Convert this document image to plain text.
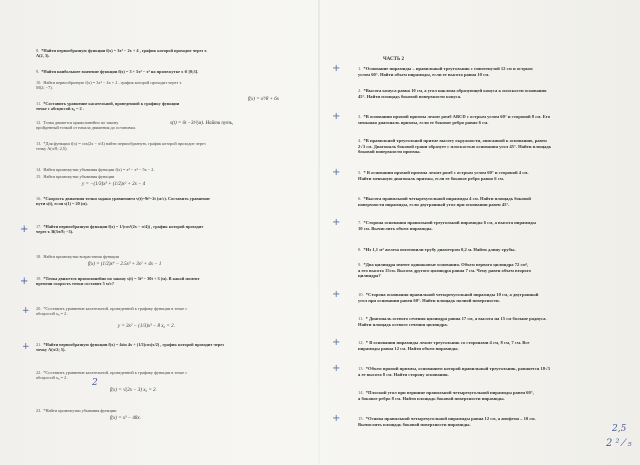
8. *Найти первообразную функции f(x) = 3x² − 2x + 4 , график которой проходит через т.
A(2, 3).
9. *Найти наибольшее значение функции f(x) = 3 + 5x² − x³ на промежутке x ∈ [0;3].
10. Найти первообразную f(x) = 3x² − 4x + 2 , график которой проходит через т.
M(2; −7).
11. *Составить уравнение касательной, проведенной к графику функции
точке с абсциссой x₀ = 2 .
f(x) = x³/8 + 6x
12. Точка движется прямолинейно по закону
пройденный точкой от начала движения до остановки.
s(t) = 6t −3t²(м). Найти путь,
13. *Для функции f(x) = cos(2x − π/4) найти первообразную, график которой проходит через
точку A(π/8; 2,5).
14. Найти промежутки убывания функции f(x) = x³ − x² − 5x − 2.
15. Найти промежутки убывания функции
y = −(1/3)x³ + (1/2)x² + 2x − 4
16. *Скорость движения точки задана уравнением v(t)=9t²−2t (м/с). Составить уравнение
пути s(t), если s(1) = 20 (м).
17. *Найти первообразную функции f(x) = 1/(cos²(2x − π/4)) , график которой проходит
через т. B(3π/8; −3).
18. Найти промежутки возрастания функции
f(x) = (1/2)x⁴ − 2.5x³ + 3x² + 4x − 1
19. *Точка движется прямолинейно по закону s(t) = 5t³ − 30t + 3 (м). В какой момент
времени скорость точки составит 5 м/с?
20. *Составить уравнение касательной, проведенной к графику функции в точке с
абсциссой x₀ = 2 .
y = 3x² − (1/3)x³ − 8 x₀ = 2.
21. *Найти первообразную функции f(x) = 4sin 4x + (1/2)cos(x/2) , график которой проходит через
точку A(π/2; 5).
22. *Составить уравнение касательной, проведенной к графику функции в точке с
абсциссой x₀ = 2 .
f(x) = √(2x − 3) x₀ = 2.
23. *Найти промежутки убывания функции
f(x) = x³ − 48x.
+
+
+
+
2
ЧАСТЬ 2
1. *Основание пирамиды – правильный треугольник с гипотенузой 12 см и острым
углом 60°. Найти объем пирамиды, если ее высота равна 10 см.
2. *Высота конуса равна 10 см, а угол наклона образующей конуса к плоскости основания
45°. Найти площадь боковой поверхности конуса.
3. *В основании прямой призмы лежит ромб ABCD с острым углом 60° и стороной 8 см. Его
меньшая диагональ призмы, если ее боковое ребро равно 6 см.
4. *В правильной треугольной призме высоту окружности, описанной к основанию, равен
2√3 см. Диагональ боковой грани образует с плоскостью основания угол 45°. Найти площадь
боковой поверхности призмы.
5. * В основании прямой призмы лежит ромб с острым углом 60° и стороной 4 см.
Найти меньшую диагональ призмы, если ее боковое ребро равно 6 см.
6. *Высота правильной четырехугольной пирамиды 4 см. Найти площадь боковой
поверхности пирамиды, если двугранный угол при основании равен 45°.
7. *Сторона основания правильной треугольной пирамиды 6 см, а высота пирамиды
10 см. Вычислить объем пирамиды.
8. *Из 1,1 м³ железа изготовили трубу диаметром 0,2 м. Найти длину трубы.
9. *Два цилиндра имеют одинаковые основания. Объем первого цилиндра 72 см³,
а его высота 15см. Высота другого цилиндра равна 7 см. Чему равен объем второго
цилиндра?
10. *Сторона основания правильной четырехугольной пирамиды 10 см, а двугранный
угол при основании равен 60°. Найти площадь полной поверхности.
11. * Диагональ осевого сечения цилиндра равна 17 см, а высота на 15 см больше радиуса.
Найти площадь осевого сечения цилиндра.
12. * В основании пирамиды лежит треугольник со сторонами 4 см, 8 см, 7 см. Все
пирамиды равна 12 см. Найти объем пирамиды.
13. *Объем прямой призмы, основанием которой правильный треугольник, равняется 18√3
а ее высота 8 см. Найти сторону основания.
14. *Плоский угол при вершине правильной четырехугольной пирамиды равен 60°,
а боковое ребро 8 см. Найти площадь боковой поверхности пирамиды.
15. *Основа правильной четырехугольной пирамиды равна 12 см, а апофема – 10 см.
Вычислить площадь боковой поверхности пирамиды.
+
+
+
+
+
+
+
+
2,5
2 ² ⁄ ₅
